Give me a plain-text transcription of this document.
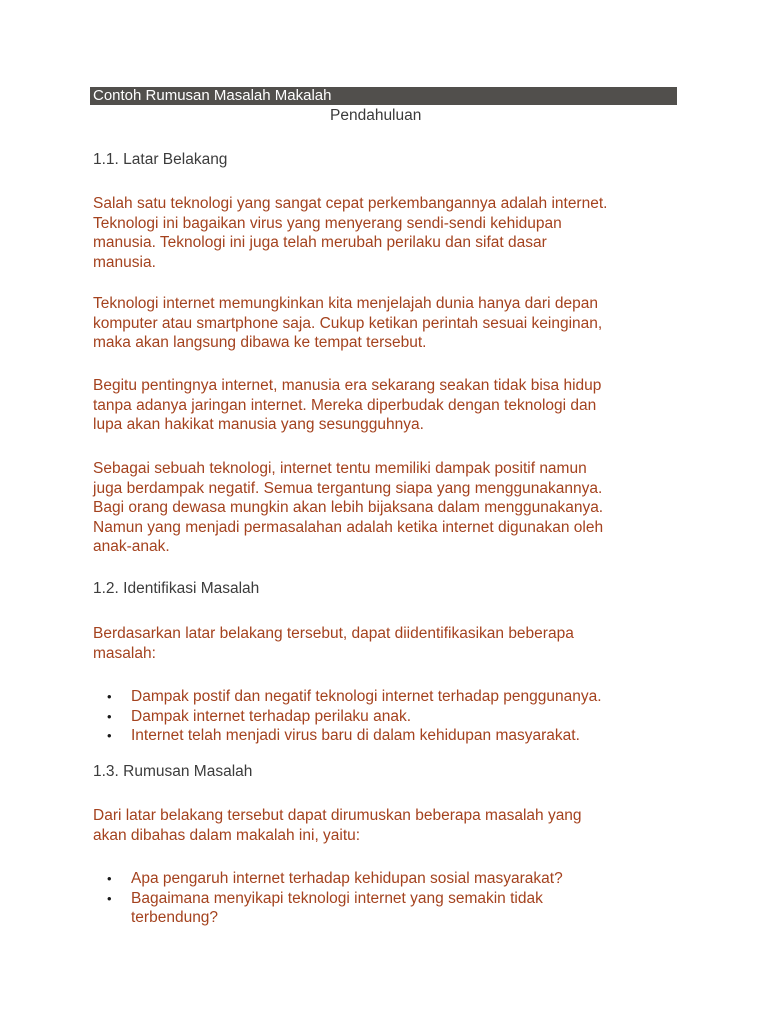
Contoh Rumusan Masalah Makalah
Pendahuluan
1.1. Latar Belakang

Salah satu teknologi yang sangat cepat perkembangannya adalah internet.
Teknologi ini bagaikan virus yang menyerang sendi-sendi kehidupan
manusia. Teknologi ini juga telah merubah perilaku dan sifat dasar
manusia.

Teknologi internet memungkinkan kita menjelajah dunia hanya dari depan
komputer atau smartphone saja. Cukup ketikan perintah sesuai keinginan,
maka akan langsung dibawa ke tempat tersebut.

Begitu pentingnya internet, manusia era sekarang seakan tidak bisa hidup
tanpa adanya jaringan internet. Mereka diperbudak dengan teknologi dan
lupa akan hakikat manusia yang sesungguhnya.

Sebagai sebuah teknologi, internet tentu memiliki dampak positif namun
juga berdampak negatif. Semua tergantung siapa yang menggunakannya.
Bagi orang dewasa mungkin akan lebih bijaksana dalam menggunakanya.
Namun yang menjadi permasalahan adalah ketika internet digunakan oleh
anak-anak.

1.2. Identifikasi Masalah

Berdasarkan latar belakang tersebut, dapat diidentifikasikan beberapa
masalah:

• Dampak postif dan negatif teknologi internet terhadap penggunanya.
• Dampak internet terhadap perilaku anak.
• Internet telah menjadi virus baru di dalam kehidupan masyarakat.
1.3. Rumusan Masalah

Dari latar belakang tersebut dapat dirumuskan beberapa masalah yang
akan dibahas dalam makalah ini, yaitu:

• Apa pengaruh internet terhadap kehidupan sosial masyarakat?
• Bagaimana menyikapi teknologi internet yang semakin tidak
terbendung?
